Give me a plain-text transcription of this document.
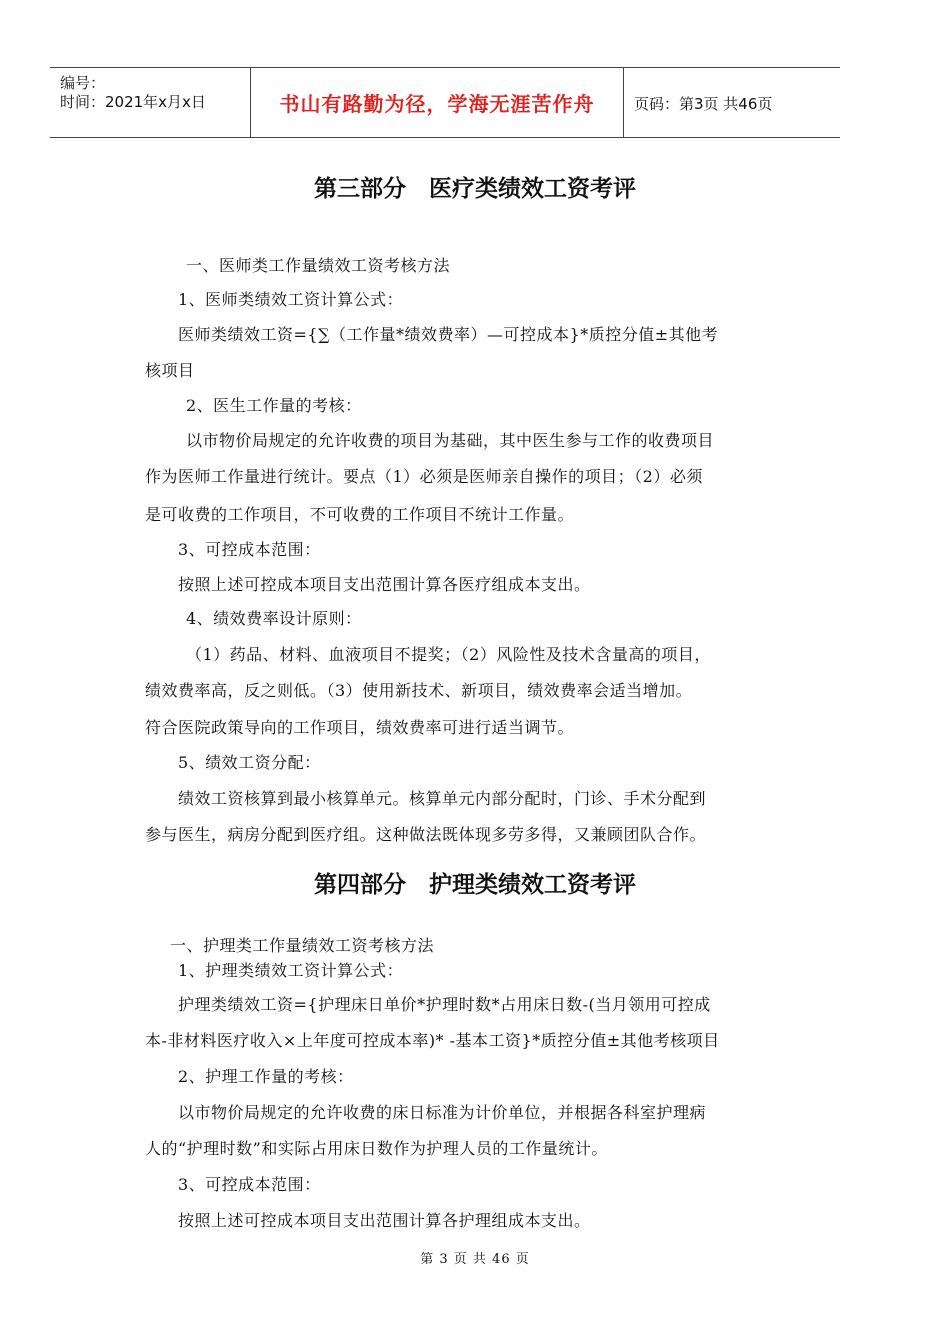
编号：
时间：2021年x月x日	书山有路勤为径，学海无涯苦作舟	页码：第3页 共46页
第三部分　医疗类绩效工资考评
一、医师类工作量绩效工资考核方法
1、医师类绩效工资计算公式：
医师类绩效工资={∑（工作量*绩效费率）—可控成本}*质控分值±其他考
核项目
2、医生工作量的考核：
以市物价局规定的允许收费的项目为基础，其中医生参与工作的收费项目
作为医师工作量进行统计。要点（1）必须是医师亲自操作的项目；（2）必须
是可收费的工作项目，不可收费的工作项目不统计工作量。
3、可控成本范围：
按照上述可控成本项目支出范围计算各医疗组成本支出。
4、绩效费率设计原则：
（1）药品、材料、血液项目不提奖；（2）风险性及技术含量高的项目，
绩效费率高，反之则低。（3）使用新技术、新项目，绩效费率会适当增加。
符合医院政策导向的工作项目，绩效费率可进行适当调节。
5、绩效工资分配：
绩效工资核算到最小核算单元。核算单元内部分配时，门诊、手术分配到
参与医生，病房分配到医疗组。这种做法既体现多劳多得，又兼顾团队合作。
第四部分　护理类绩效工资考评
一、护理类工作量绩效工资考核方法
1、护理类绩效工资计算公式：
护理类绩效工资={护理床日单价*护理时数*占用床日数-(当月领用可控成
本-非材料医疗收入×上年度可控成本率)* -基本工资}*质控分值±其他考核项目
2、护理工作量的考核：
以市物价局规定的允许收费的床日标准为计价单位，并根据各科室护理病
人的“护理时数”和实际占用床日数作为护理人员的工作量统计。
3、可控成本范围：
按照上述可控成本项目支出范围计算各护理组成本支出。
第 3 页 共 46 页
